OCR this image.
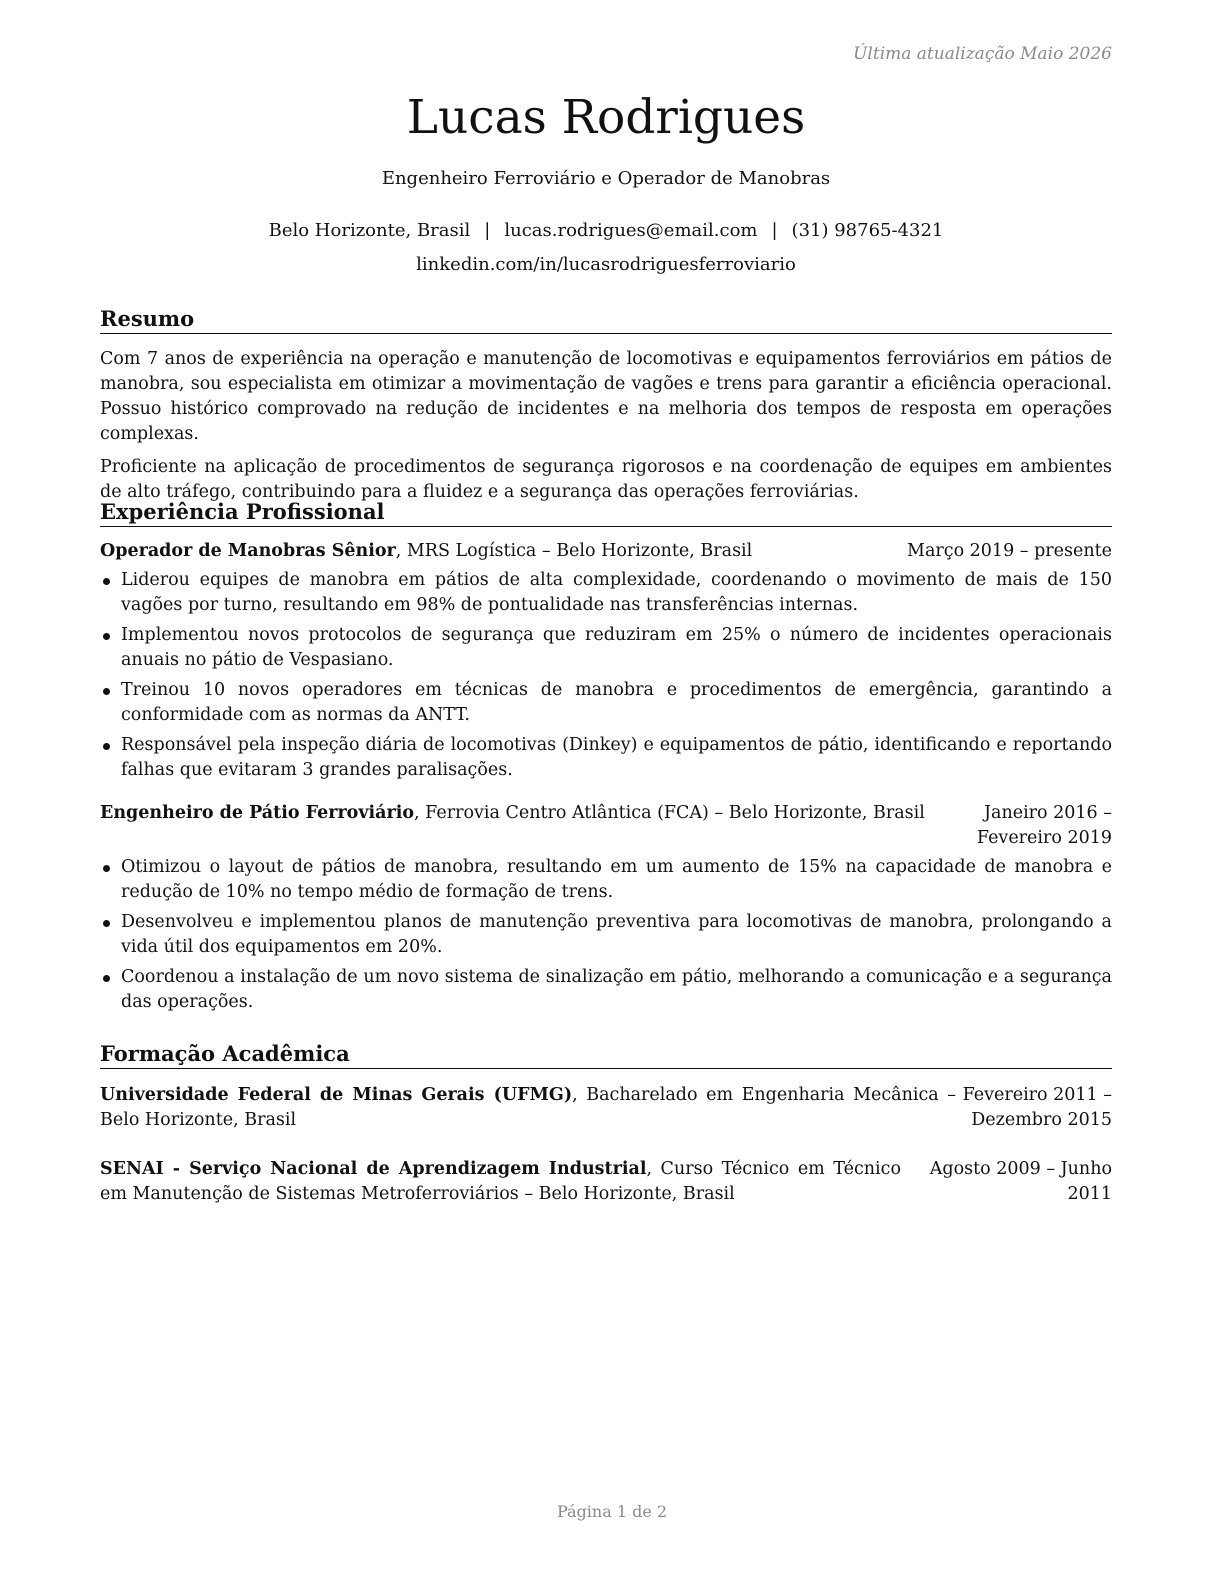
Última atualização Maio 2026
Lucas Rodrigues
Engenheiro Ferroviário e Operador de Manobras
Belo Horizonte, Brasil | lucas.rodrigues@email.com | (31) 98765-4321
linkedin.com/in/lucasrodriguesferroviario
Resumo

Com 7 anos de experiência na operação e manutenção de locomotivas e equipamentos ferroviários em pátios de manobra, sou especialista em otimizar a movimentação de vagões e trens para garantir a eficiência operacional. Possuo histórico comprovado na redução de incidentes e na melhoria dos tempos de resposta em operações complexas.

Proficiente na aplicação de procedimentos de segurança rigorosos e na coordenação de equipes em ambientes de alto tráfego, contribuindo para a fluidez e a segurança das operações ferroviárias.

Experiência Profissional
Operador de Manobras Sênior, MRS Logística – Belo Horizonte, Brasil	Março 2019 – presente
Liderou equipes de manobra em pátios de alta complexidade, coordenando o movimento de mais de 150 vagões por turno, resultando em 98% de pontualidade nas transferências internas.
Implementou novos protocolos de segurança que reduziram em 25% o número de incidentes operacionais anuais no pátio de Vespasiano.
Treinou 10 novos operadores em técnicas de manobra e procedimentos de emergência, garantindo a conformidade com as normas da ANTT.
Responsável pela inspeção diária de locomotivas (Dinkey) e equipamentos de pátio, identificando e reportando falhas que evitaram 3 grandes paralisações.
Engenheiro de Pátio Ferroviário, Ferrovia Centro Atlântica (FCA) – Belo Horizonte, Brasil	Janeiro 2016 – Fevereiro 2019
Otimizou o layout de pátios de manobra, resultando em um aumento de 15% na capacidade de manobra e redução de 10% no tempo médio de formação de trens.
Desenvolveu e implementou planos de manutenção preventiva para locomotivas de manobra, prolongando a vida útil dos equipamentos em 20%.
Coordenou a instalação de um novo sistema de sinalização em pátio, melhorando a comunicação e a segurança das operações.
Formação Acadêmica
Universidade Federal de Minas Gerais (UFMG), Bacharelado em Engenharia Mecânica – Belo Horizonte, Brasil
Fevereiro 2011 – Dezembro 2015
SENAI - Serviço Nacional de Aprendizagem Industrial, Curso Técnico em Técnico em Manutenção de Sistemas Metroferroviários – Belo Horizonte, Brasil
Agosto 2009 – Junho 2011
Página 1 de 2
